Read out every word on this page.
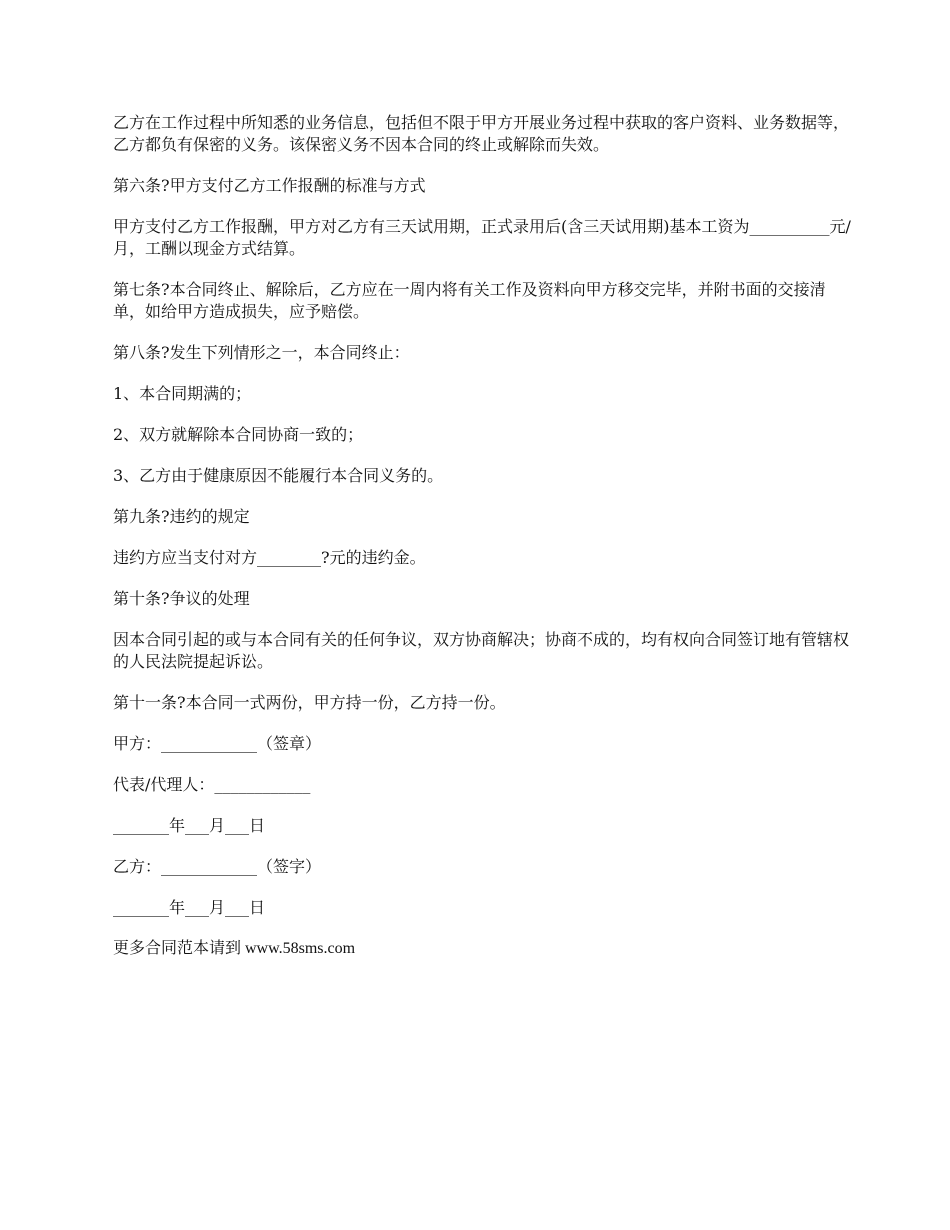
乙方在工作过程中所知悉的业务信息，包括但不限于甲方开展业务过程中获取的客户资料、业务数据等，乙方都负有保密的义务。该保密义务不因本合同的终止或解除而失效。

第六条?甲方支付乙方工作报酬的标准与方式

甲方支付乙方工作报酬，甲方对乙方有三天试用期，正式录用后(含三天试用期)基本工资为__________元/月，工酬以现金方式结算。

第七条?本合同终止、解除后，乙方应在一周内将有关工作及资料向甲方移交完毕，并附书面的交接清单，如给甲方造成损失，应予赔偿。

第八条?发生下列情形之一，本合同终止：

1、本合同期满的；

2、双方就解除本合同协商一致的；

3、乙方由于健康原因不能履行本合同义务的。

第九条?违约的规定

违约方应当支付对方________?元的违约金。

第十条?争议的处理

因本合同引起的或与本合同有关的任何争议，双方协商解决；协商不成的，均有权向合同签订地有管辖权的人民法院提起诉讼。

第十一条?本合同一式两份，甲方持一份，乙方持一份。

甲方：____________（签章）

代表/代理人：____________

_______年___月___日

乙方：____________（签字）

_______年___月___日

更多合同范本请到 www.58sms.com
